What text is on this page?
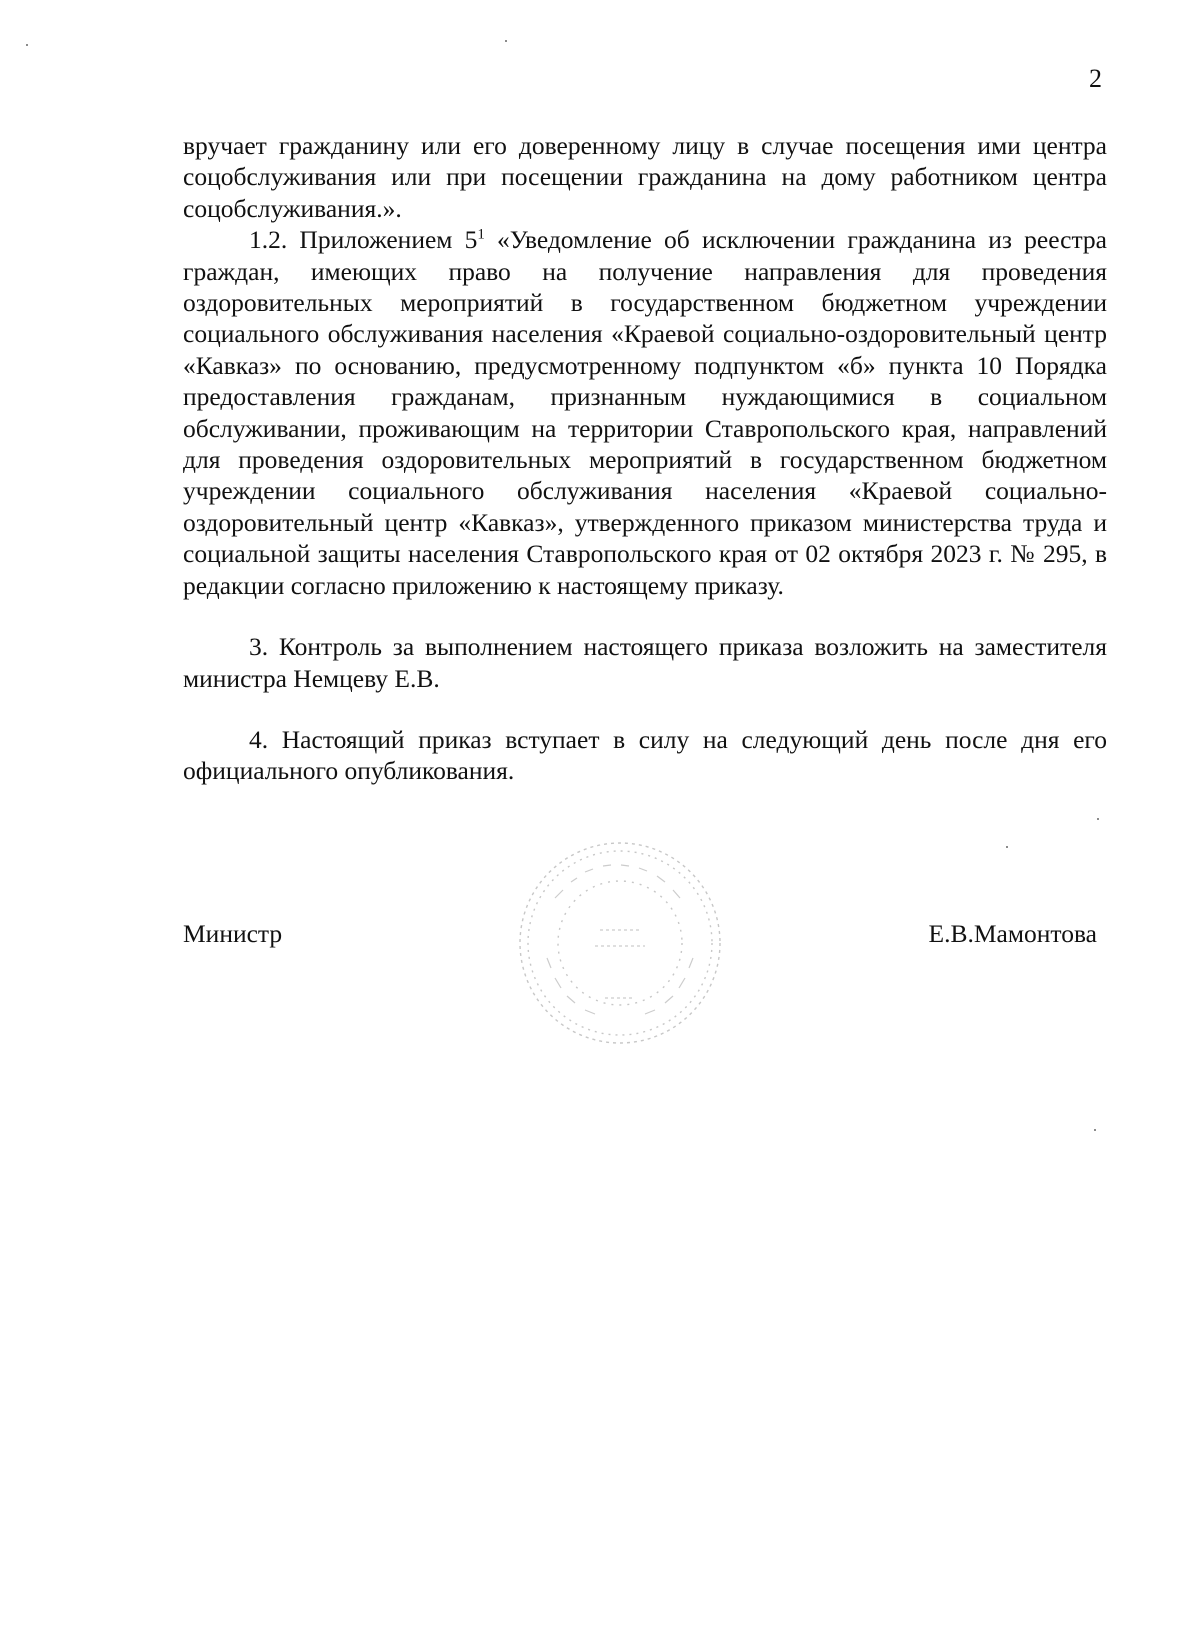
2

вручает гражданину или его доверенному лицу в случае посещения ими центра соцобслуживания или при посещении гражданина на дому работником центра соцобслуживания.».

1.2. Приложением $5^1$ «Уведомление об исключении гражданина из реестра граждан, имеющих право на получение направления для проведения оздоровительных мероприятий в государственном бюджетном учреждении социального обслуживания населения «Краевой социально-оздоровительный центр «Кавказ» по основанию, предусмотренному подпунктом «б» пункта 10 Порядка предоставления гражданам, признанным нуждающимися в социальном обслуживании, проживающим на территории Ставропольского края, направлений для проведения оздоровительных мероприятий в государственном бюджетном учреждении социального обслуживания населения «Краевой социально-оздоровительный центр «Кавказ», утвержденного приказом министерства труда и социальной защиты населения Ставропольского края от 02 октября 2023 г. № 295, в редакции согласно приложению к настоящему приказу.

3. Контроль за выполнением настоящего приказа возложить на заместителя министра Немцеву Е.В.

4. Настоящий приказ вступает в силу на следующий день после дня его официального опубликования.

Министр	Е.В.Мамонтова
